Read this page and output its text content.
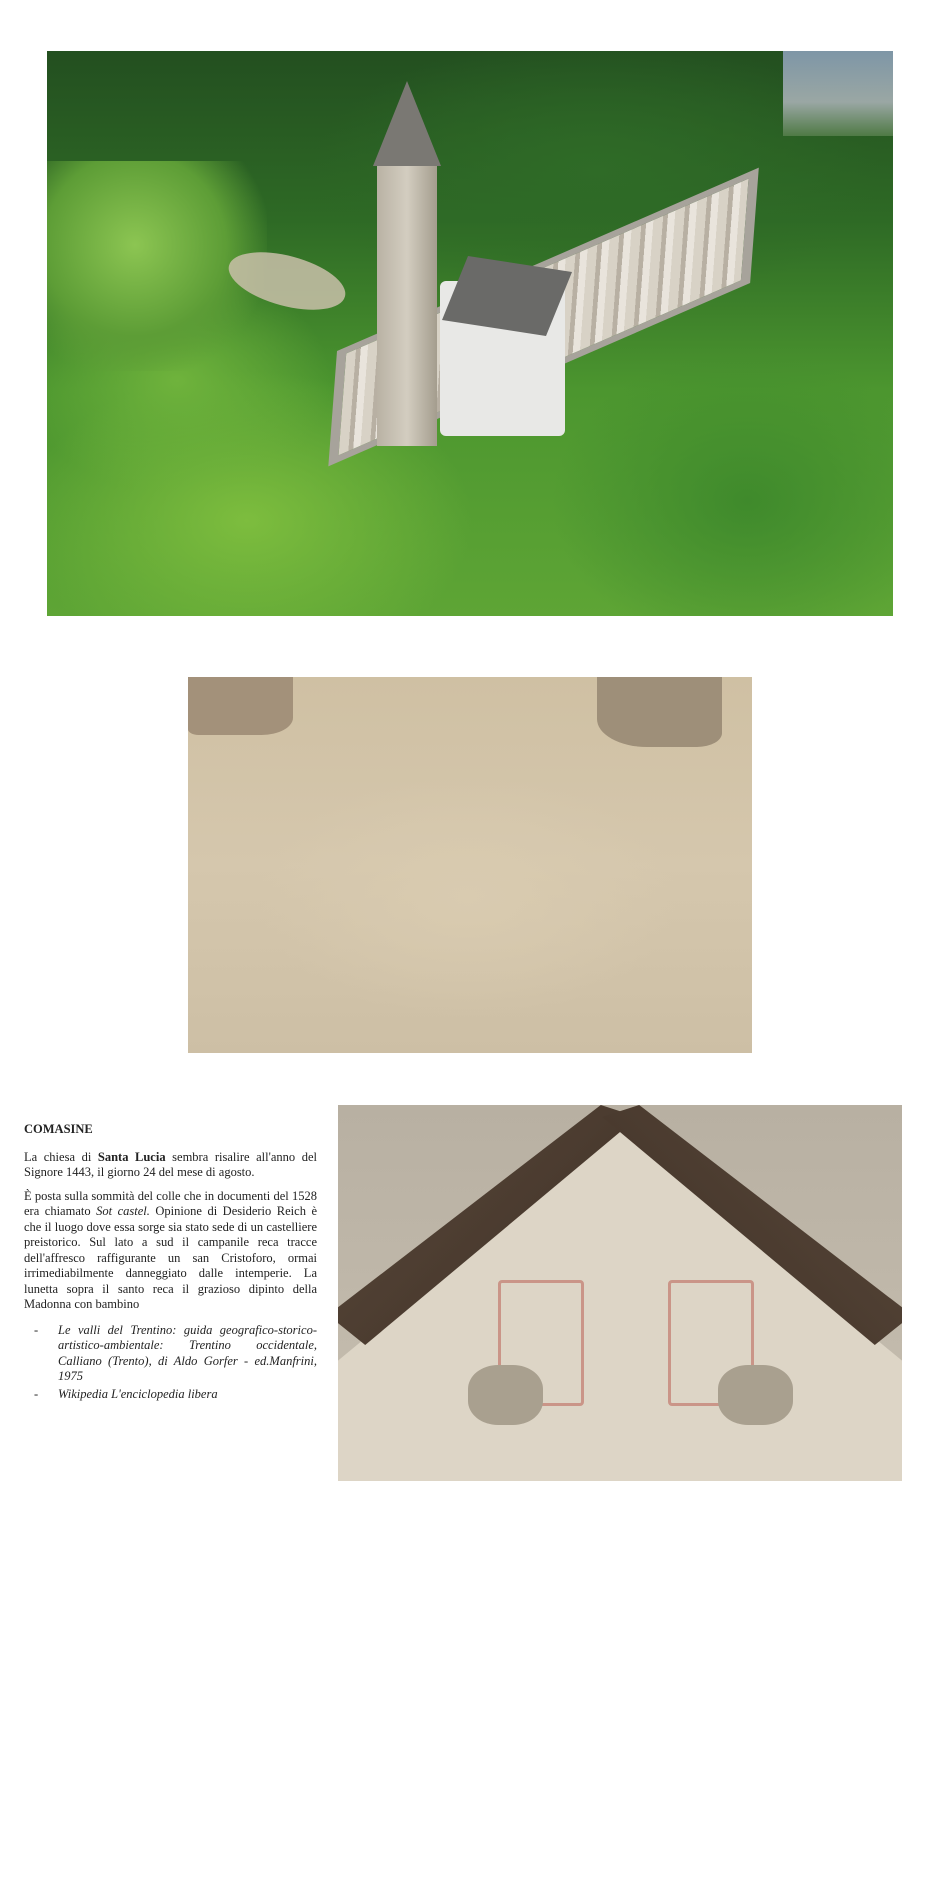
COMASINE

La chiesa di Santa Lucia sembra risalire all'anno del Signore 1443, il giorno 24 del mese di agosto.

È posta sulla sommità del colle che in documenti del 1528 era chiamato Sot castel. Opinione di Desiderio Reich è che il luogo dove essa sorge sia stato sede di un castelliere preistorico. Sul lato a sud il campanile reca tracce dell'affresco raffigurante un san Cristoforo, ormai irrimediabilmente danneggiato dalle intemperie. La lunetta sopra il santo reca il grazioso dipinto della Madonna con bambino

- Le valli del Trentino: guida geografico-storico-artistico-ambientale: Trentino occidentale, Calliano (Trento), di Aldo Gorfer - ed.Manfrini, 1975
- Wikipedia L'enciclopedia libera
